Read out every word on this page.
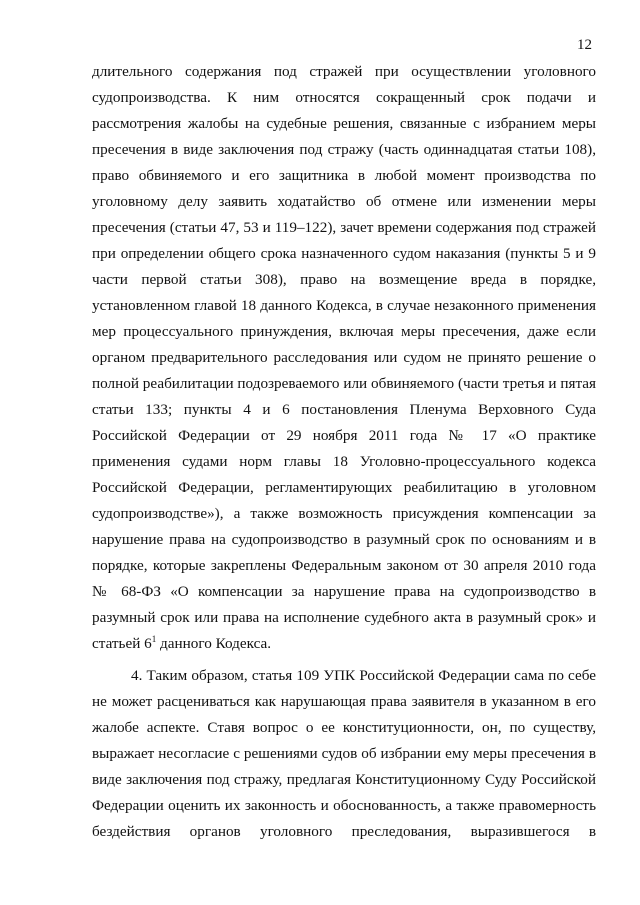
12
длительного содержания под стражей при осуществлении уголовного
судопроизводства. К ним относятся сокращенный срок подачи и
рассмотрения жалобы на судебные решения, связанные с избранием меры
пресечения в виде заключения под стражу (часть одиннадцатая статьи 108),
право обвиняемого и его защитника в любой момент производства по
уголовному делу заявить ходатайство об отмене или изменении меры
пресечения (статьи 47, 53 и 119–122), зачет времени содержания под стражей
при определении общего срока назначенного судом наказания (пункты 5 и 9
части первой статьи 308), право на возмещение вреда в порядке,
установленном главой 18 данного Кодекса, в случае незаконного применения
мер процессуального принуждения, включая меры пресечения, даже если
органом предварительного расследования или судом не принято решение о
полной реабилитации подозреваемого или обвиняемого (части третья и пятая
статьи 133; пункты 4 и 6 постановления Пленума Верховного Суда
Российской Федерации от 29 ноября 2011 года № 17 «О практике
применения судами норм главы 18 Уголовно-процессуального кодекса
Российской Федерации, регламентирующих реабилитацию в уголовном
судопроизводстве»), а также возможность присуждения компенсации за
нарушение права на судопроизводство в разумный срок по основаниям и в
порядке, которые закреплены Федеральным законом от 30 апреля 2010 года
№ 68-ФЗ «О компенсации за нарушение права на судопроизводство в
разумный срок или права на исполнение судебного акта в разумный срок» и
статьей $6^1$ данного Кодекса.
4. Таким образом, статья 109 УПК Российской Федерации сама по себе
не может расцениваться как нарушающая права заявителя в указанном в его
жалобе аспекте. Ставя вопрос о ее конституционности, он, по существу,
выражает несогласие с решениями судов об избрании ему меры пресечения в
виде заключения под стражу, предлагая Конституционному Суду Российской
Федерации оценить их законность и обоснованность, а также правомерность
бездействия органов уголовного преследования, выразившегося в
